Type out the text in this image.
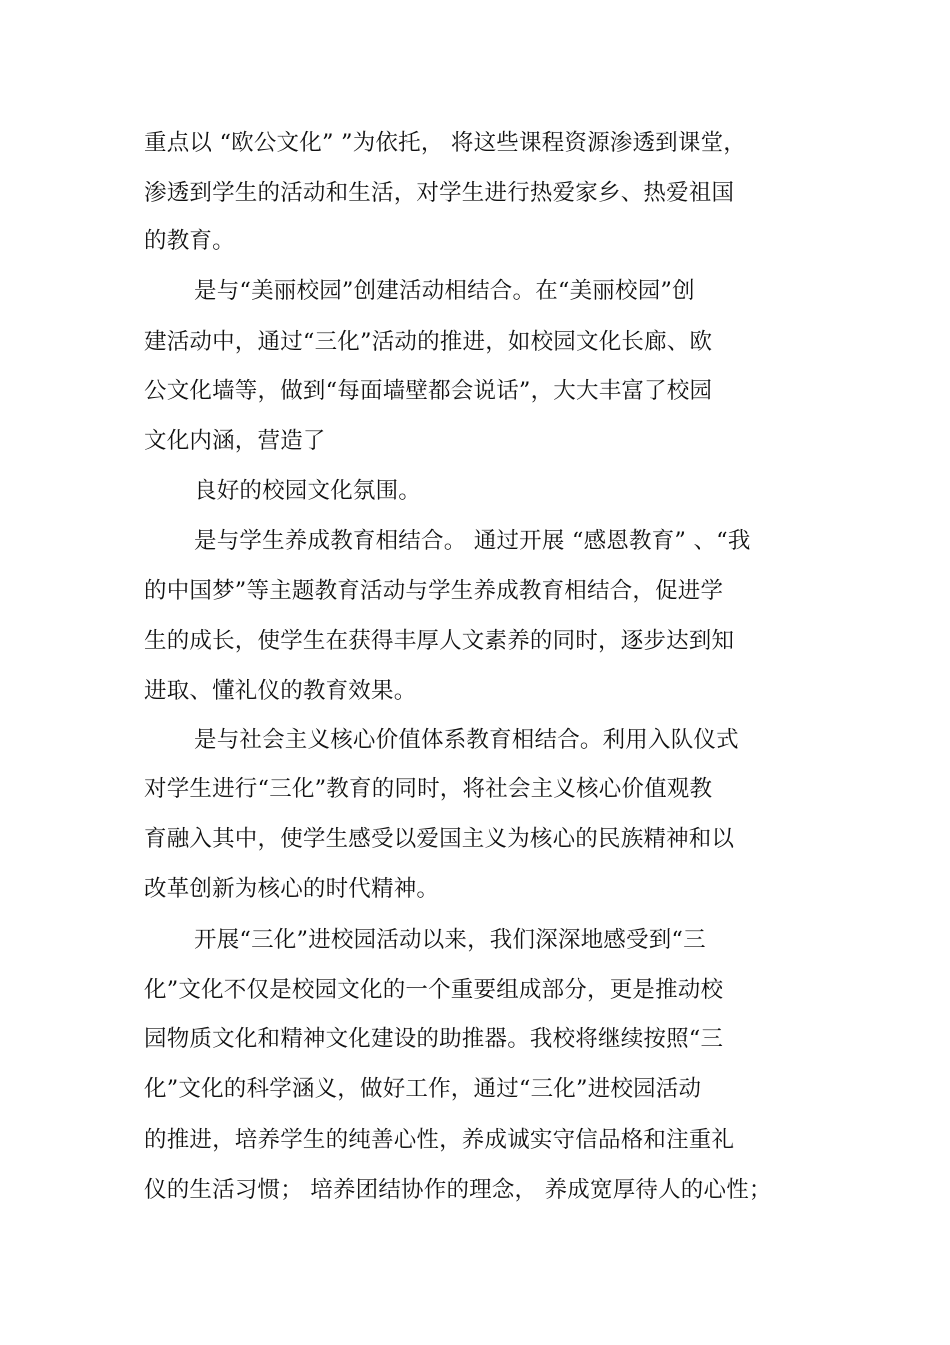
重点以 “欧公文化” ”为依托， 将这些课程资源渗透到课堂，
渗透到学生的活动和生活，对学生进行热爱家乡、热爱祖国
的教育。
是与“美丽校园”创建活动相结合。在“美丽校园”创
建活动中，通过“三化”活动的推进，如校园文化长廊、欧
公文化墙等，做到“每面墙壁都会说话”，大大丰富了校园
文化内涵，营造了
良好的校园文化氛围。
是与学生养成教育相结合。 通过开展 “感恩教育” 、“我
的中国梦”等主题教育活动与学生养成教育相结合，促进学
生的成长，使学生在获得丰厚人文素养的同时，逐步达到知
进取、懂礼仪的教育效果。
是与社会主义核心价值体系教育相结合。利用入队仪式
对学生进行“三化”教育的同时，将社会主义核心价值观教
育融入其中，使学生感受以爱国主义为核心的民族精神和以
改革创新为核心的时代精神。
开展“三化”进校园活动以来，我们深深地感受到“三
化”文化不仅是校园文化的一个重要组成部分，更是推动校
园物质文化和精神文化建设的助推器。我校将继续按照“三
化”文化的科学涵义，做好工作，通过“三化”进校园活动
的推进，培养学生的纯善心性，养成诚实守信品格和注重礼
仪的生活习惯； 培养团结协作的理念， 养成宽厚待人的心性；
